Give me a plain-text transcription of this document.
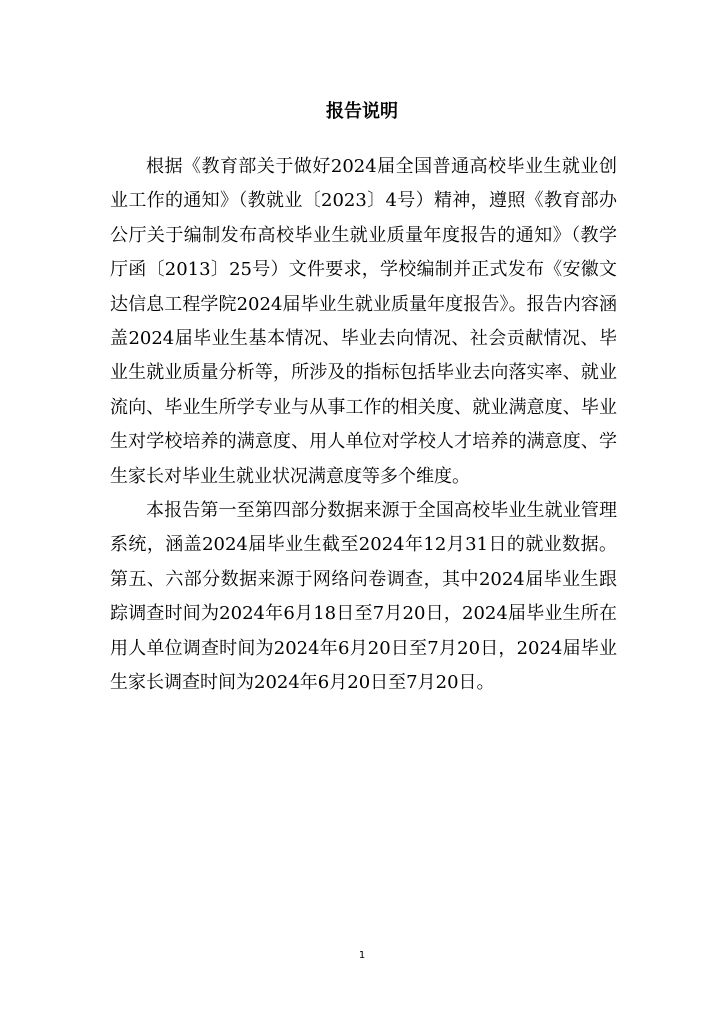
报告说明

根据《教育部关于做好2024届全国普通高校毕业生就业创业工作的通知》（教就业〔2023〕4号）精神，遵照《教育部办公厅关于编制发布高校毕业生就业质量年度报告的通知》（教学厅函〔2013〕25号）文件要求，学校编制并正式发布《安徽文达信息工程学院2024届毕业生就业质量年度报告》。报告内容涵盖2024届毕业生基本情况、毕业去向情况、社会贡献情况、毕业生就业质量分析等，所涉及的指标包括毕业去向落实率、就业流向、毕业生所学专业与从事工作的相关度、就业满意度、毕业生对学校培养的满意度、用人单位对学校人才培养的满意度、学生家长对毕业生就业状况满意度等多个维度。

本报告第一至第四部分数据来源于全国高校毕业生就业管理系统，涵盖2024届毕业生截至2024年12月31日的就业数据。第五、六部分数据来源于网络问卷调查，其中2024届毕业生跟踪调查时间为2024年6月18日至7月20日，2024届毕业生所在用人单位调查时间为2024年6月20日至7月20日，2024届毕业生家长调查时间为2024年6月20日至7月20日。

1
